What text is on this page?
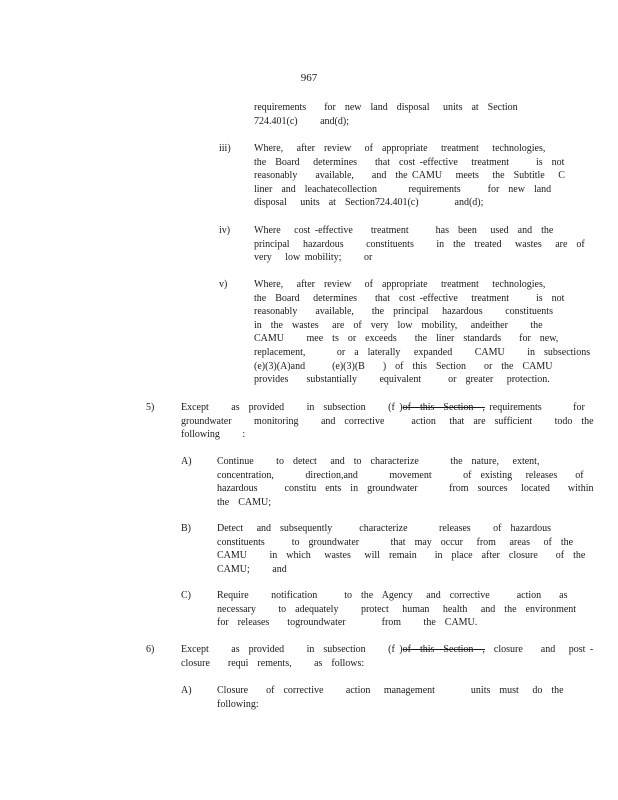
967
requirements    for  new  land  disposal   units  at  Section
724.401(c)     and(d);
iii) Where,   after  review   of  appropriate   treatment   technologies,
the  Board   determines    that  cost -effective   treatment      is  not
reasonably    available,    and  the CAMU   meets   the  Subtitle   C
liner  and  leachatecollection       requirements      for  new  land
disposal   units  at  Section724.401(c)        and(d);
iv) Where   cost -effective    treatment      has  been   used  and  the
principal   hazardous     constituents     in  the  treated   wastes   are  of
very   low mobility;     or
v)	Where,   after  review   of  appropriate   treatment   technologies,
the  Board   determines    that  cost -effective   treatment      is  not
reasonably    available,    the  principal   hazardous     constituents
in  the  wastes   are  of  very  low  mobility,   andeither     the
CAMU     mee  ts  or  exceeds    the  liner  standards    for  new,
replacement,       or  a  laterally   expanded     CAMU     in  subsections
(e)(3)(A)and      (e)(3)(B    )  of  this  Section    or  the  CAMU
provides    substantially     equivalent      or  greater   protection.
5)	Except     as  provided     in  subsection     (f )of  this  Section  , requirements       for
groundwater     monitoring     and  corrective      action   that  are  sufficient     todo  the
following     :
A)	Continue     to  detect   and  to  characterize       the  nature,   extent,
concentration,       direction,and       movement       of  existing   releases    of
hazardous      constitu  ents  in  groundwater       from  sources   located    within
the  CAMU;
B)	Detect   and  subsequently      characterize       releases     of  hazardous
constituents      to  groundwater       that  may  occur   from   areas   of  the
CAMU     in  which   wastes   will  remain    in  place  after  closure    of  the
CAMU;     and
C)	Require     notification      to  the  Agency   and  corrective      action    as
necessary     to  adequately     protect   human   health   and  the  environment
for  releases    togroundwater        from     the  CAMU.
6)	Except     as  provided     in  subsection     (f )of  this  Section  ,  closure    and   post -
closure    requi  rements,     as  follows:
A)	Closure    of  corrective     action   management        units  must   do  the
following:
